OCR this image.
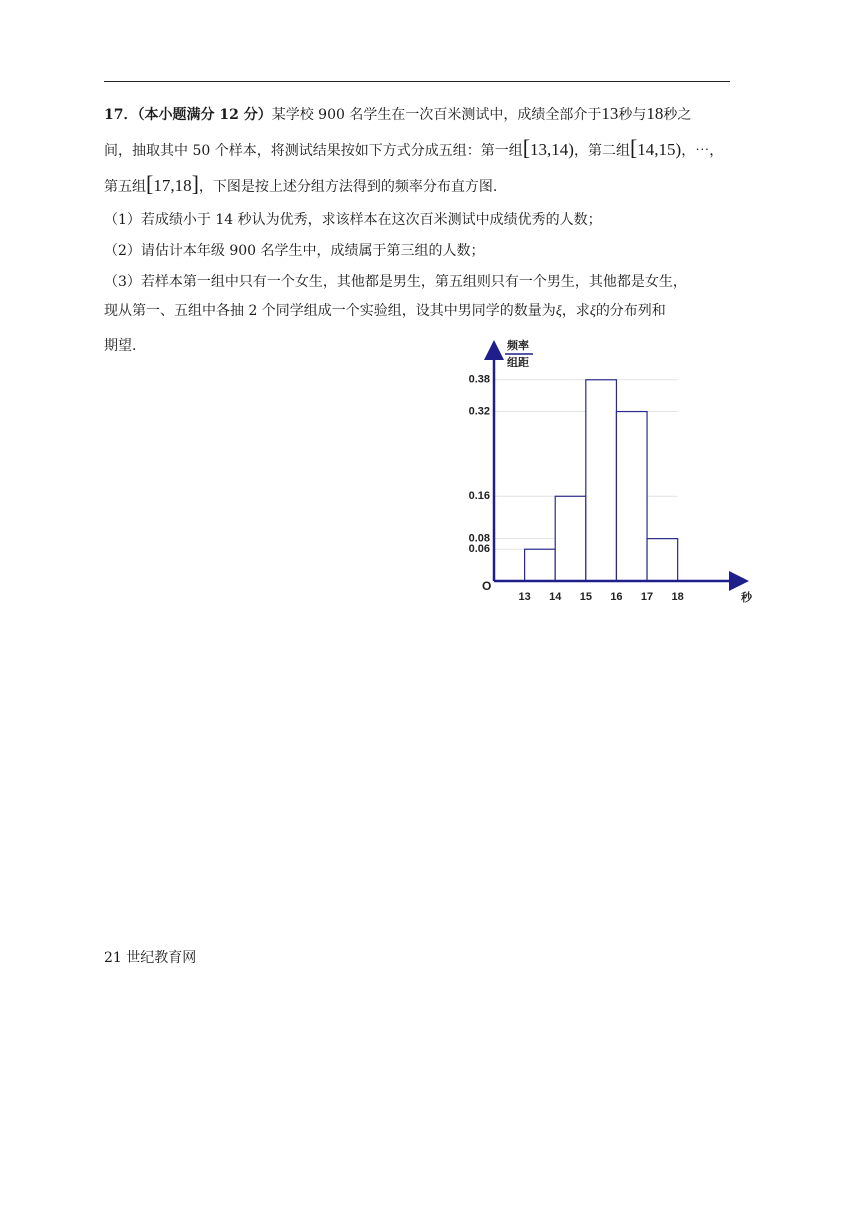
17．（本小题满分 12 分）某学校 900 名学生在一次百米测试中，成绩全部介于13秒与18秒之
间，抽取其中 50 个样本，将测试结果按如下方式分成五组：第一组[13,14)，第二组[14,15)，⋯，
第五组[17,18]，下图是按上述分组方法得到的频率分布直方图.
（1）若成绩小于 14 秒认为优秀，求该样本在这次百米测试中成绩优秀的人数；
（2）请估计本年级 900 名学生中，成绩属于第三组的人数；
（3）若样本第一组中只有一个女生，其他都是男生，第五组则只有一个男生，其他都是女生，
现从第一、五组中各抽 2 个同学组成一个实验组，设其中男同学的数量为ξ，求ξ的分布列和
期望.	频率
组距
O
秒
0.38
0.32
0.16
0.08
0.06
13 14 15 16 17 18
21 世纪教育网
